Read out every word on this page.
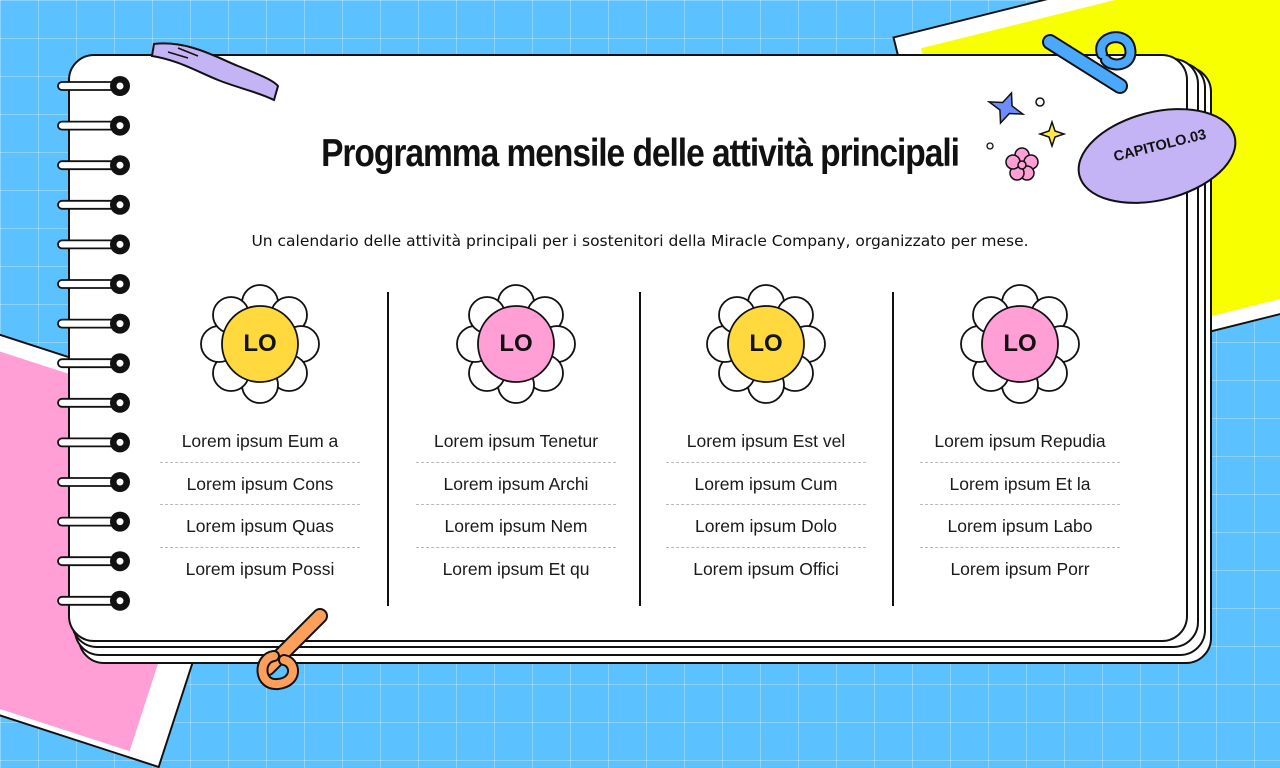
CAPITOLO.03
Programma mensile delle attività principali

Un calendario delle attività principali per i sostenitori della Miracle Company, organizzato per mese.

LO
Lorem ipsum Eum a
Lorem ipsum Cons
Lorem ipsum Quas
Lorem ipsum Possi
LO
Lorem ipsum Tenetur
Lorem ipsum Archi
Lorem ipsum Nem
Lorem ipsum Et qu
LO
Lorem ipsum Est vel
Lorem ipsum Cum
Lorem ipsum Dolo
Lorem ipsum Offici
LO
Lorem ipsum Repudia
Lorem ipsum Et la
Lorem ipsum Labo
Lorem ipsum Porr
